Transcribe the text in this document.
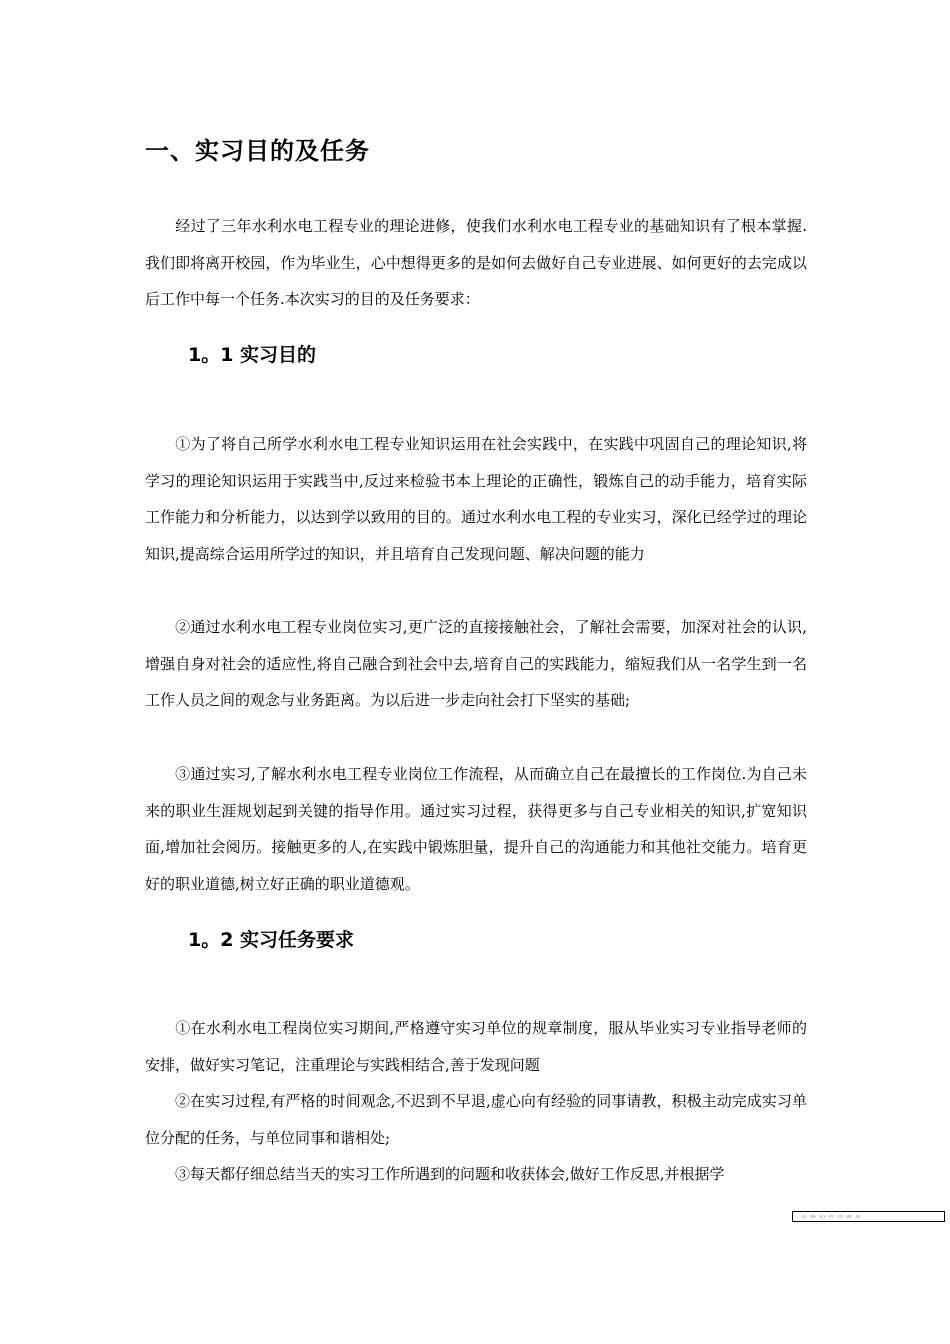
一、实习目的及任务

经过了三年水利水电工程专业的理论进修，使我们水利水电工程专业的基础知识有了根本掌握.我们即将离开校园，作为毕业生，心中想得更多的是如何去做好自己专业进展、如何更好的去完成以后工作中每一个任务.本次实习的目的及任务要求：

1。1 实习目的

①为了将自己所学水利水电工程专业知识运用在社会实践中，在实践中巩固自己的理论知识,将学习的理论知识运用于实践当中,反过来检验书本上理论的正确性，锻炼自己的动手能力，培育实际工作能力和分析能力，以达到学以致用的目的。通过水利水电工程的专业实习，深化已经学过的理论知识,提高综合运用所学过的知识，并且培育自己发现问题、解决问题的能力

②通过水利水电工程专业岗位实习,更广泛的直接接触社会，了解社会需要，加深对社会的认识,增强自身对社会的适应性,将自己融合到社会中去,培育自己的实践能力，缩短我们从一名学生到一名工作人员之间的观念与业务距离。为以后进一步走向社会打下坚实的基础;

③通过实习,了解水利水电工程专业岗位工作流程，从而确立自己在最擅长的工作岗位.为自己未来的职业生涯规划起到关键的指导作用。通过实习过程，获得更多与自己专业相关的知识,扩宽知识面,增加社会阅历。接触更多的人,在实践中锻炼胆量，提升自己的沟通能力和其他社交能力。培育更好的职业道德,树立好正确的职业道德观。

1。2 实习任务要求

①在水利水电工程岗位实习期间,严格遵守实习单位的规章制度，服从毕业实习专业指导老师的安排，做好实习笔记，注重理论与实践相结合,善于发现问题

②在实习过程,有严格的时间观念,不迟到不早退,虚心向有经验的同事请教，积极主动完成实习单位分配的任务，与单位同事和谐相处;

③每天都仔细总结当天的实习工作所遇到的问题和收获体会,做好工作反思,并根据学

让我们共同进步
